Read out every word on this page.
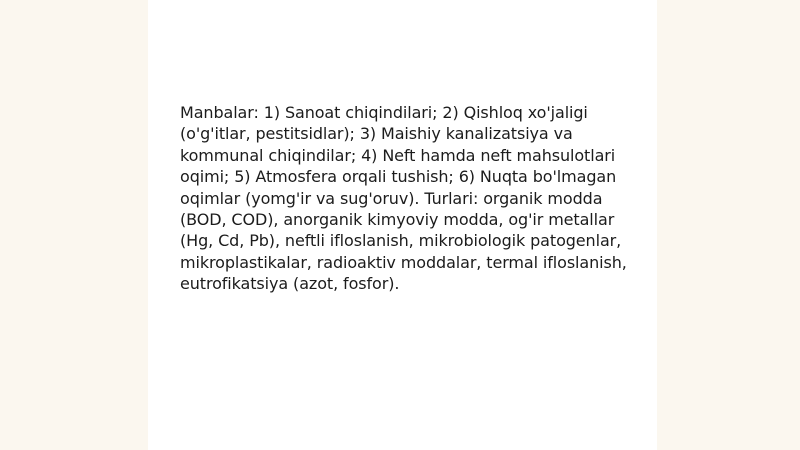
Manbalar: 1) Sanoat chiqindilari; 2) Qishloq xo'jaligi (o'g'itlar, pestitsidlar); 3) Maishiy kanalizatsiya va kommunal chiqindilar; 4) Neft hamda neft mahsulotlari oqimi; 5) Atmosfera orqali tushish; 6) Nuqta bo'lmagan oqimlar (yomg'ir va sug'oruv). Turlari: organik modda (BOD, COD), anorganik kimyoviy modda, og'ir metallar (Hg, Cd, Pb), neftli ifloslanish, mikrobiologik patogenlar, mikroplastikalar, radioaktiv moddalar, termal ifloslanish, eutrofikatsiya (azot, fosfor).
